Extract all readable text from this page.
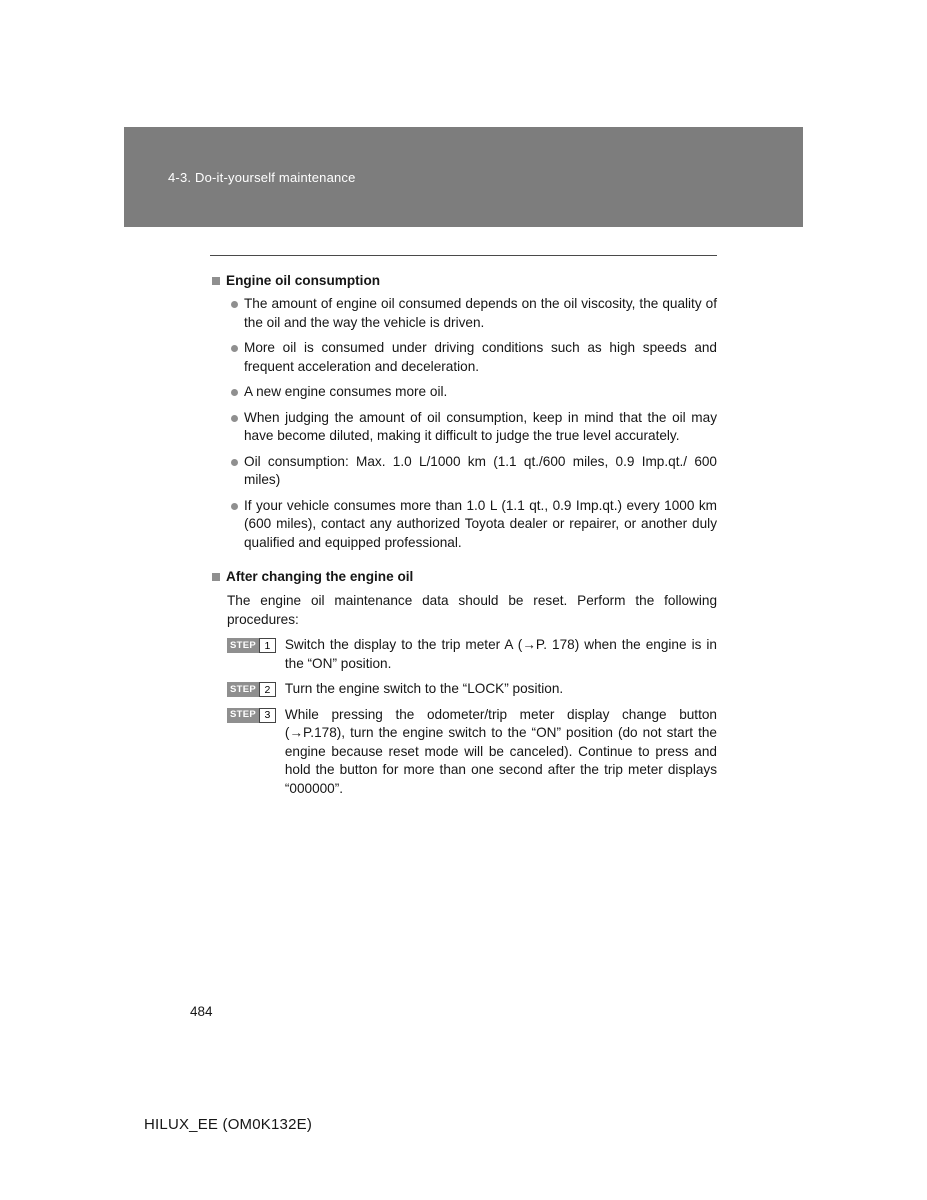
4-3. Do-it-yourself maintenance
Engine oil consumption
The amount of engine oil consumed depends on the oil viscosity, the quality of the oil and the way the vehicle is driven.
More oil is consumed under driving conditions such as high speeds and frequent acceleration and deceleration.
A new engine consumes more oil.
When judging the amount of oil consumption, keep in mind that the oil may have become diluted, making it difficult to judge the true level accurately.
Oil consumption: Max. 1.0 L/1000 km (1.1 qt./600 miles, 0.9 Imp.qt./ 600 miles)
If your vehicle consumes more than 1.0 L (1.1 qt., 0.9 Imp.qt.) every 1000 km (600 miles), contact any authorized Toyota dealer or repairer, or another duly qualified and equipped professional.
After changing the engine oil

The engine oil maintenance data should be reset. Perform the following procedures:

STEP 1	Switch the display to the trip meter A (→P. 178) when the engine is in the “ON” position.
STEP 2	Turn the engine switch to the “LOCK” position.
STEP 3	While pressing the odometer/trip meter display change button (→P.178), turn the engine switch to the “ON” position (do not start the engine because reset mode will be canceled). Continue to press and hold the button for more than one second after the trip meter displays “000000”.
484
HILUX_EE (OM0K132E)
